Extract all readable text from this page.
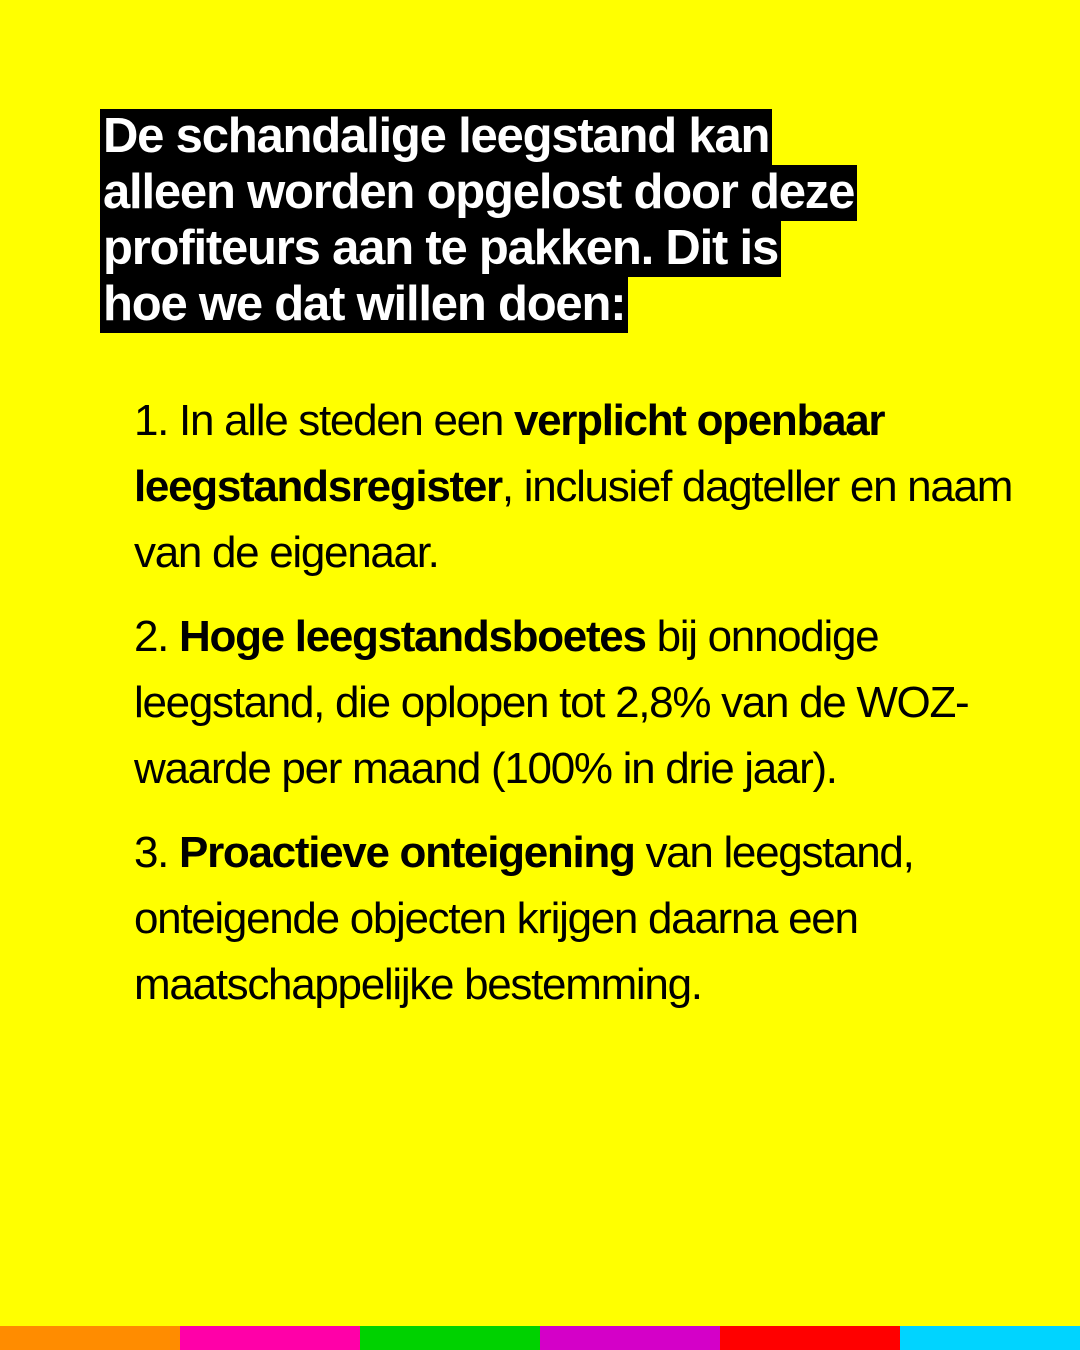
De schandalige leegstand kan
alleen worden opgelost door deze
profiteurs aan te pakken. Dit is
hoe we dat willen doen:
1. In alle steden een verplicht openbaar leegstandsregister, inclusief dagteller en naam van de eigenaar.
2. Hoge leegstandsboetes bij onnodige leegstand, die oplopen tot 2,8% van de WOZ-waarde per maand (100% in drie jaar).
3. Proactieve onteigening van leegstand, onteigende objecten krijgen daarna een maatschappelijke bestemming.
